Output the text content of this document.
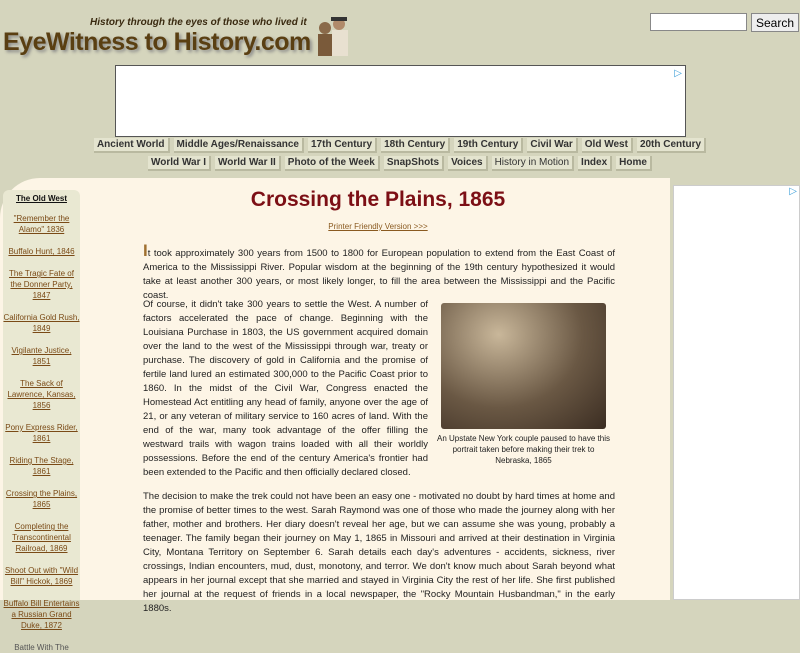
History through the eyes of those who lived it
EyeWitness to History.com
Search
▷
Ancient World	Middle Ages/Renaissance	17th Century	18th Century	19th Century	Civil War	Old West	20th Century
World War I	World War II	Photo of the Week	SnapShots	Voices	History in Motion	Index	Home
The Old West
"Remember the Alamo" 1836
Buffalo Hunt, 1846
The Tragic Fate of the Donner Party, 1847
California Gold Rush, 1849
Vigilante Justice, 1851
The Sack of Lawrence, Kansas, 1856
Pony Express Rider, 1861
Riding The Stage, 1861
Crossing the Plains, 1865
Completing the Transcontinental Railroad, 1869
Shoot Out with "Wild Bill" Hickok, 1869
Buffalo Bill Entertains a Russian Grand Duke, 1872
Battle With The
▷
Crossing the Plains, 1865
Printer Friendly Version >>>
It took approximately 300 years from 1500 to 1800 for European population to extend from the East Coast of America to the Mississippi River. Popular wisdom at the beginning of the 19th century hypothesized it would take at least another 300 years, or most likely longer, to fill the area between the Mississippi and the Pacific coast.
Of course, it didn't take 300 years to settle the West. A number of factors accelerated the pace of change. Beginning with the Louisiana Purchase in 1803, the US government acquired domain over the land to the west of the Mississippi through war, treaty or purchase. The discovery of gold in California and the promise of fertile land lured an estimated 300,000 to the Pacific Coast prior to 1860. In the midst of the Civil War, Congress enacted the Homestead Act entitling any head of family, anyone over the age of 21, or any veteran of military service to 160 acres of land. With the end of the war, many took advantage of the offer filling the westward trails with wagon trains loaded with all their worldly possessions. Before the end of the century America's frontier had been extended to the Pacific and then officially declared closed.
An Upstate New York couple paused to have this portrait taken before making their trek to Nebraska, 1865
The decision to make the trek could not have been an easy one - motivated no doubt by hard times at home and the promise of better times to the west. Sarah Raymond was one of those who made the journey along with her father, mother and brothers. Her diary doesn't reveal her age, but we can assume she was young, probably a teenager. The family began their journey on May 1, 1865 in Missouri and arrived at their destination in Virginia City, Montana Territory on September 6. Sarah details each day's adventures - accidents, sickness, river crossings, Indian encounters, mud, dust, monotony, and terror. We don't know much about Sarah beyond what appears in her journal except that she married and stayed in Virginia City the rest of her life. She first published her journal at the request of friends in a local newspaper, the "Rocky Mountain Husbandman," in the early 1880s.
